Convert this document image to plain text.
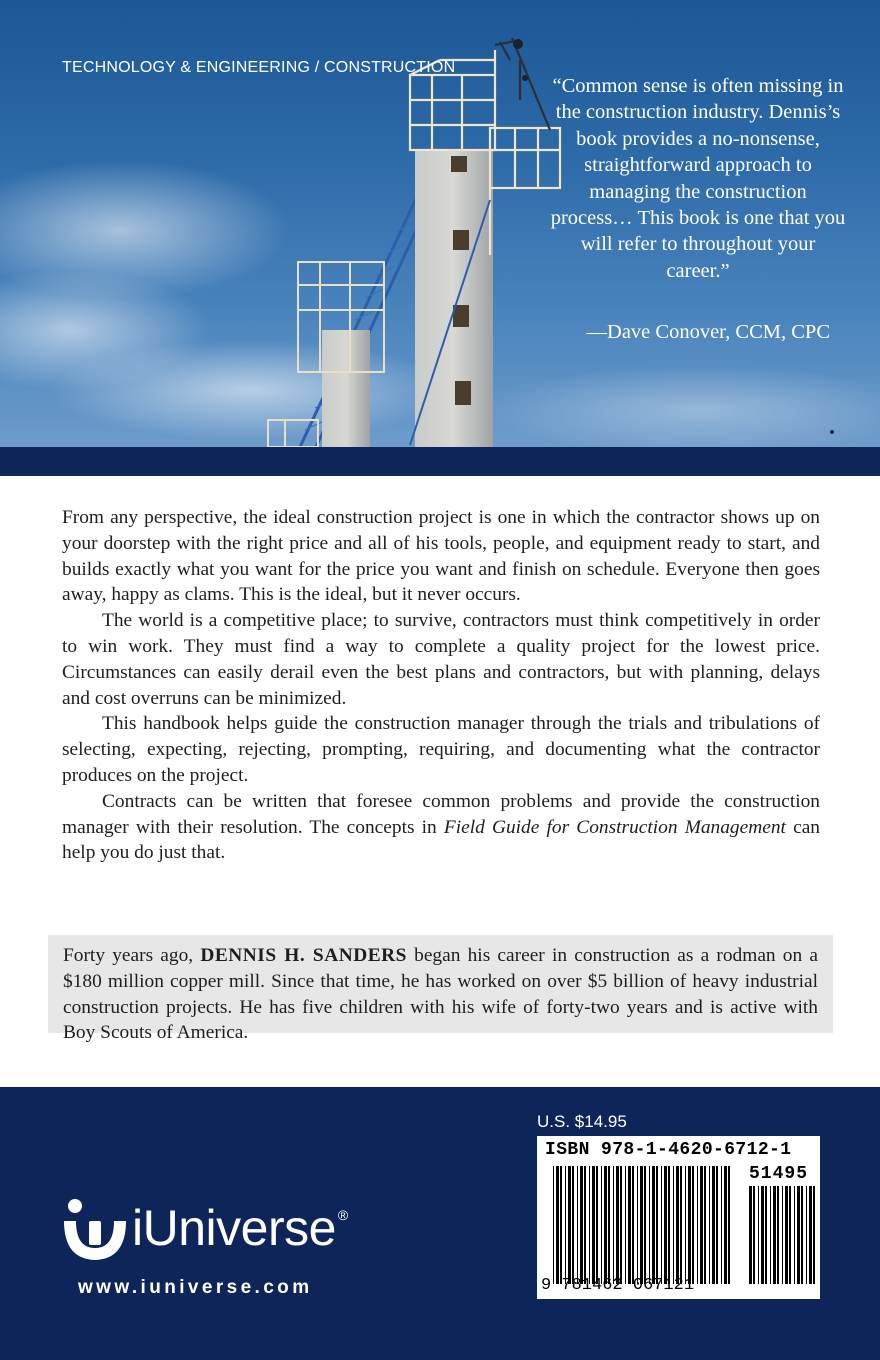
TECHNOLOGY & ENGINEERING / CONSTRUCTION
“Common sense is often missing in the construction industry. Dennis’s book provides a no-nonsense, straightforward approach to managing the construction process… This book is one that you will refer to throughout your career.”
—Dave Conover, CCM, CPC

From any perspective, the ideal construction project is one in which the contractor shows up on your doorstep with the right price and all of his tools, people, and equipment ready to start, and builds exactly what you want for the price you want and finish on schedule. Everyone then goes away, happy as clams. This is the ideal, but it never occurs.

The world is a competitive place; to survive, contractors must think competitively in order to win work. They must find a way to complete a quality project for the lowest price. Circumstances can easily derail even the best plans and contractors, but with planning, delays and cost overruns can be minimized.

This handbook helps guide the construction manager through the trials and tribulations of selecting, expecting, rejecting, prompting, requiring, and documenting what the contractor produces on the project.

Contracts can be written that foresee common problems and provide the construction manager with their resolution. The concepts in Field Guide for Construction Management can help you do just that.

Forty years ago, DENNIS H. SANDERS began his career in construction as a rodman on a $180 million copper mill. Since that time, he has worked on over $5 billion of heavy industrial construction projects. He has five children with his wife of forty-two years and is active with Boy Scouts of America.
iUniverse ®
www.iuniverse.com
ISBN 978-1-4620-6712-1
51495
9 781462 067121
U.S. $14.95
